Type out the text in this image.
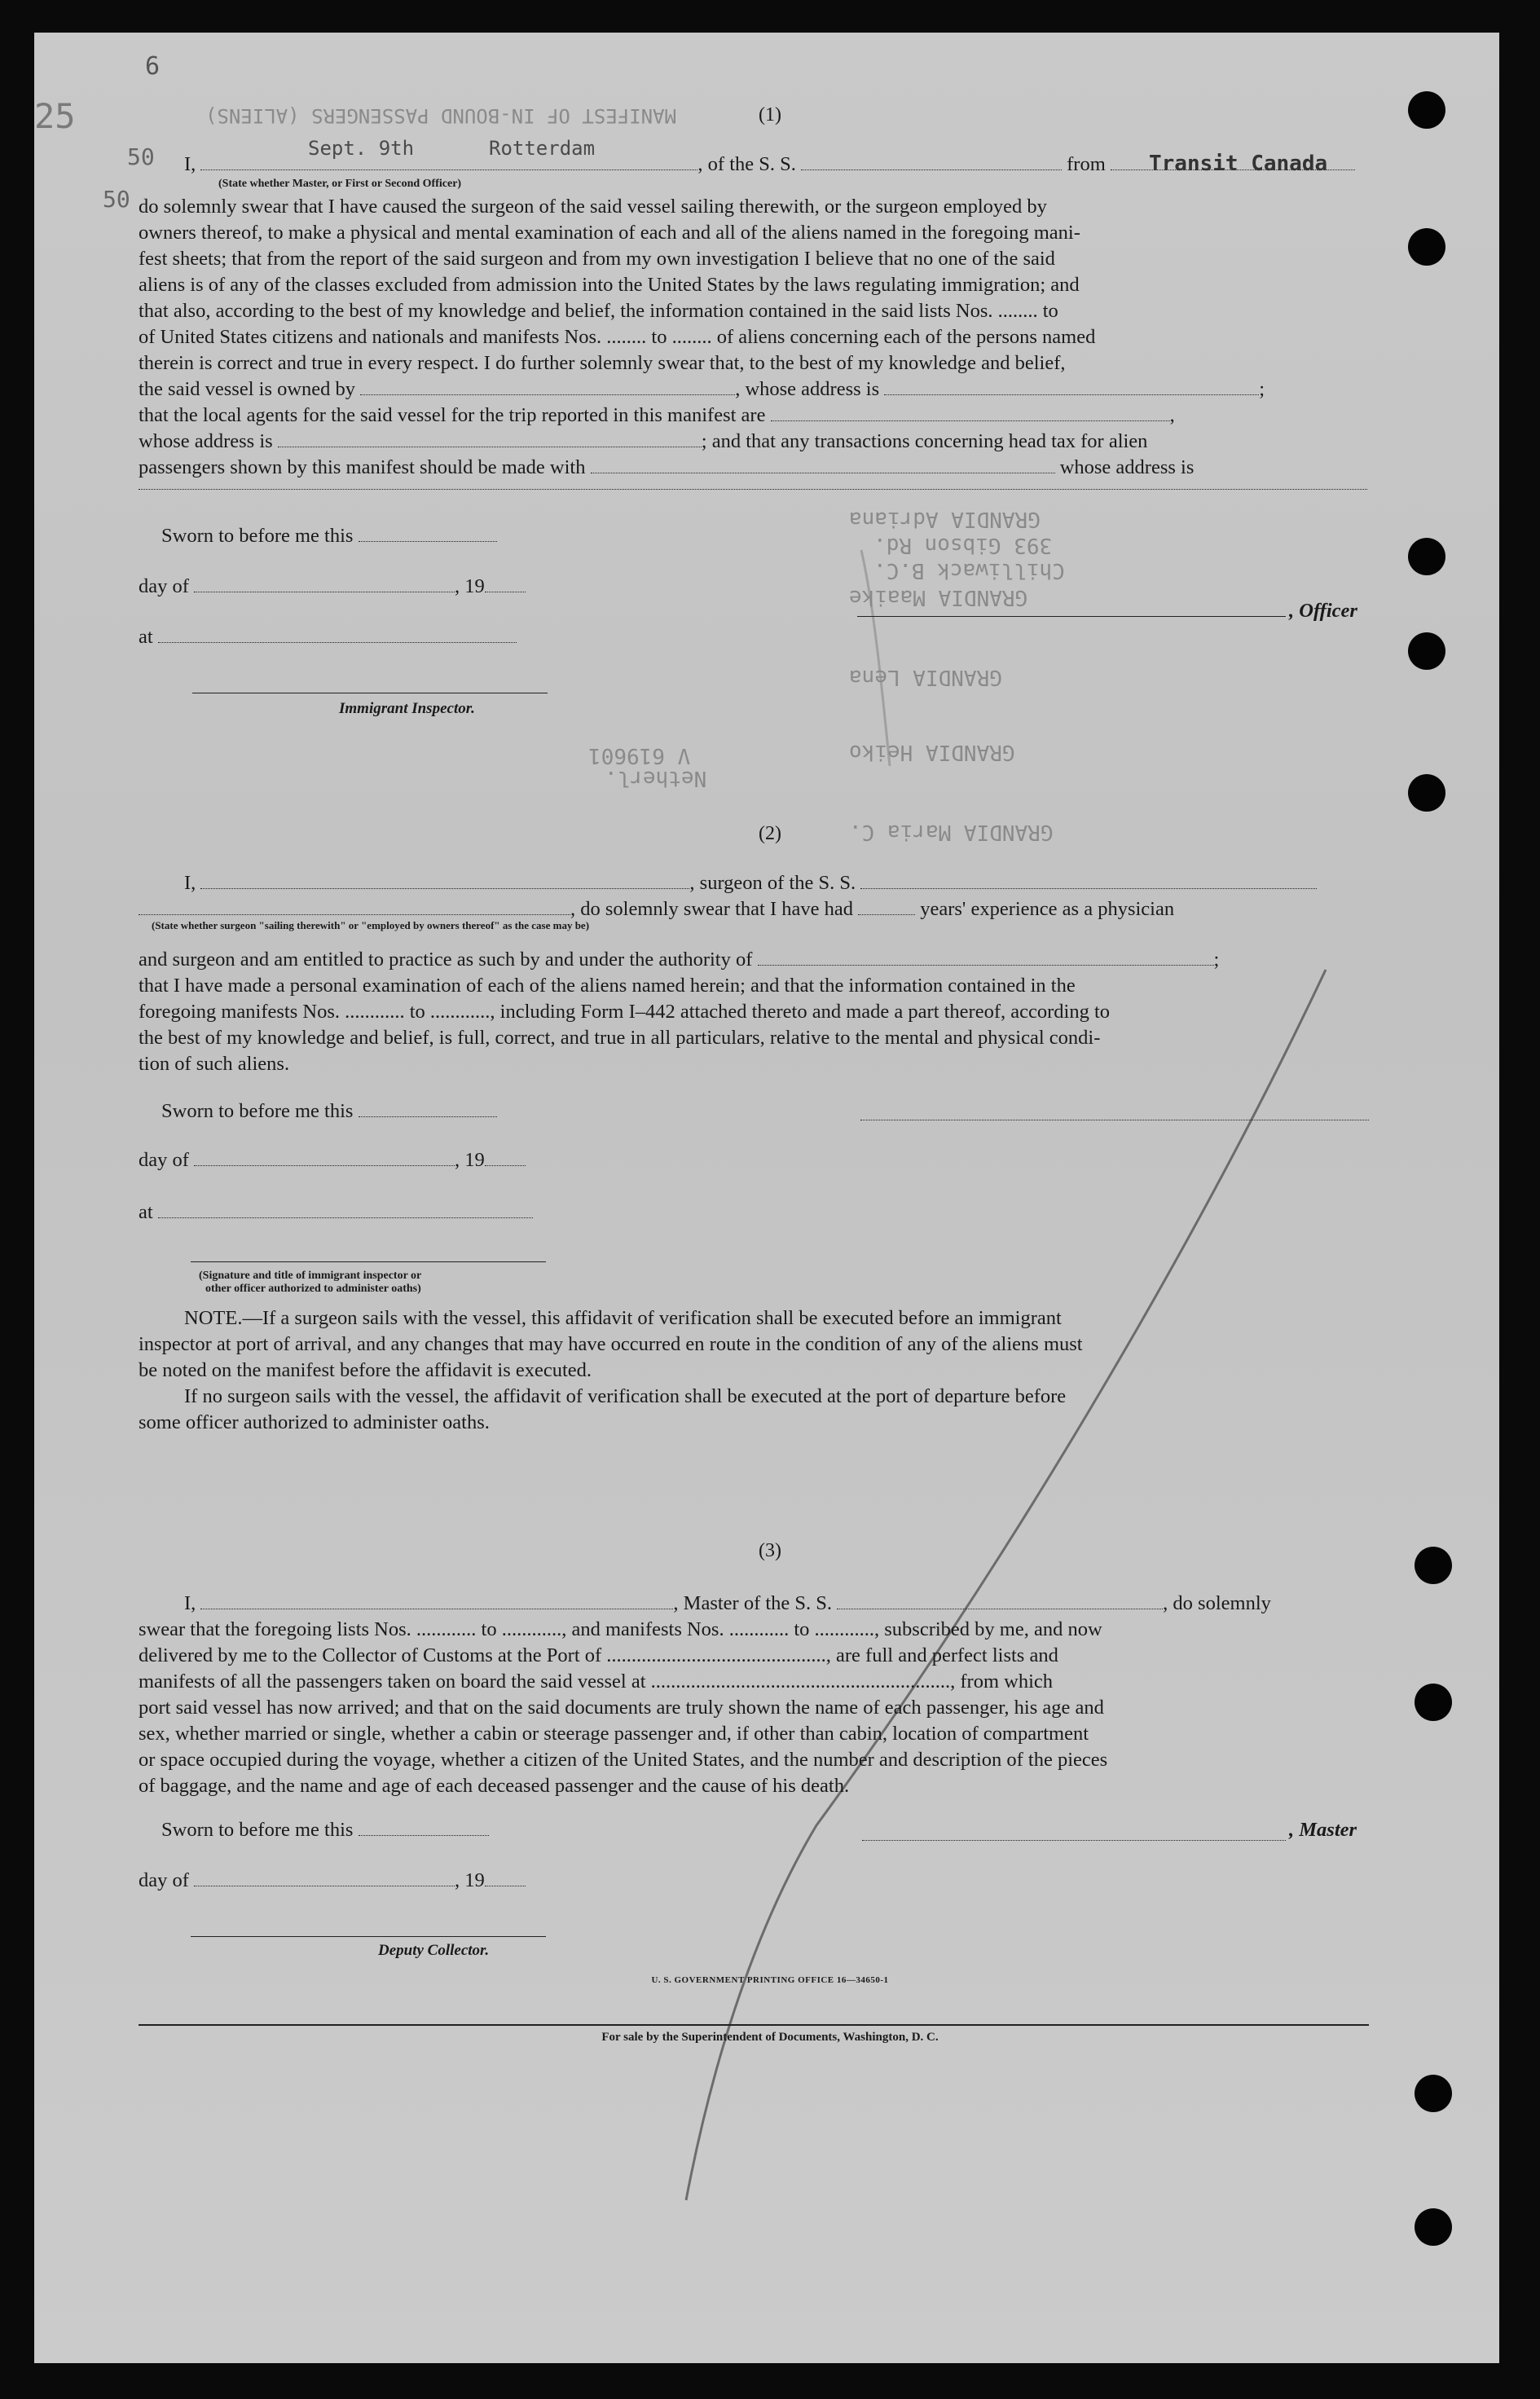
MANIFEST OF IN-BOUND PASSENGERS (ALIENS)
GRANDIA Adriana
393 Gibson Rd.
Chilliwack B.C.
GRANDIA Maaike
GRANDIA Lena
GRANDIA Heiko
GRANDIA Maria C.
V 619601
Netherl.
6
25
50
50
(1)
I,	, of the S. S.	from
Sept. 9th	Rotterdam
Transit Canada
(State whether Master, or First or Second Officer)
do solemnly swear that I have caused the surgeon of the said vessel sailing therewith, or the surgeon employed by
owners thereof, to make a physical and mental examination of each and all of the aliens named in the foregoing mani-
fest sheets; that from the report of the said surgeon and from my own investigation I believe that no one of the said
aliens is of any of the classes excluded from admission into the United States by the laws regulating immigration; and
that also, according to the best of my knowledge and belief, the information contained in the said lists Nos. ........ to
of United States citizens and nationals and manifests Nos. ........ to ........ of aliens concerning each of the persons named
therein is correct and true in every respect. I do further solemnly swear that, to the best of my knowledge and belief,
the said vessel is owned by	, whose address is	;
that the local agents for the said vessel for the trip reported in this manifest are	,
whose address is	; and that any transactions concerning head tax for alien
passengers shown by this manifest should be made with	whose address is
Sworn to before me this
day of	, 19
, Officer
at
Immigrant Inspector.
(2)
I,	, surgeon of the S. S.
, do solemnly swear that I have had	years' experience as a physician
(State whether surgeon "sailing therewith" or "employed by owners thereof" as the case may be)
and surgeon and am entitled to practice as such by and under the authority of	;
that I have made a personal examination of each of the aliens named herein; and that the information contained in the
foregoing manifests Nos. ............ to ............, including Form I–442 attached thereto and made a part thereof, according to
the best of my knowledge and belief, is full, correct, and true in all particulars, relative to the mental and physical condi-
tion of such aliens.
Sworn to before me this
day of	, 19
at
(Signature and title of immigrant inspector or
other officer authorized to administer oaths)
NOTE.—If a surgeon sails with the vessel, this affidavit of verification shall be executed before an immigrant
inspector at port of arrival, and any changes that may have occurred en route in the condition of any of the aliens must
be noted on the manifest before the affidavit is executed.
If no surgeon sails with the vessel, the affidavit of verification shall be executed at the port of departure before
some officer authorized to administer oaths.
(3)
I,	, Master of the S. S.	, do solemnly
swear that the foregoing lists Nos. ............ to ............, and manifests Nos. ............ to ............, subscribed by me, and now
delivered by me to the Collector of Customs at the Port of ............................................, are full and perfect lists and
manifests of all the passengers taken on board the said vessel at ............................................................, from which
port said vessel has now arrived; and that on the said documents are truly shown the name of each passenger, his age and
sex, whether married or single, whether a cabin or steerage passenger and, if other than cabin, location of compartment
or space occupied during the voyage, whether a citizen of the United States, and the number and description of the pieces
of baggage, and the name and age of each deceased passenger and the cause of his death.
Sworn to before me this	, Master
day of	, 19
Deputy Collector.
U. S. GOVERNMENT PRINTING OFFICE 16—34650-1
For sale by the Superintendent of Documents, Washington, D. C.
